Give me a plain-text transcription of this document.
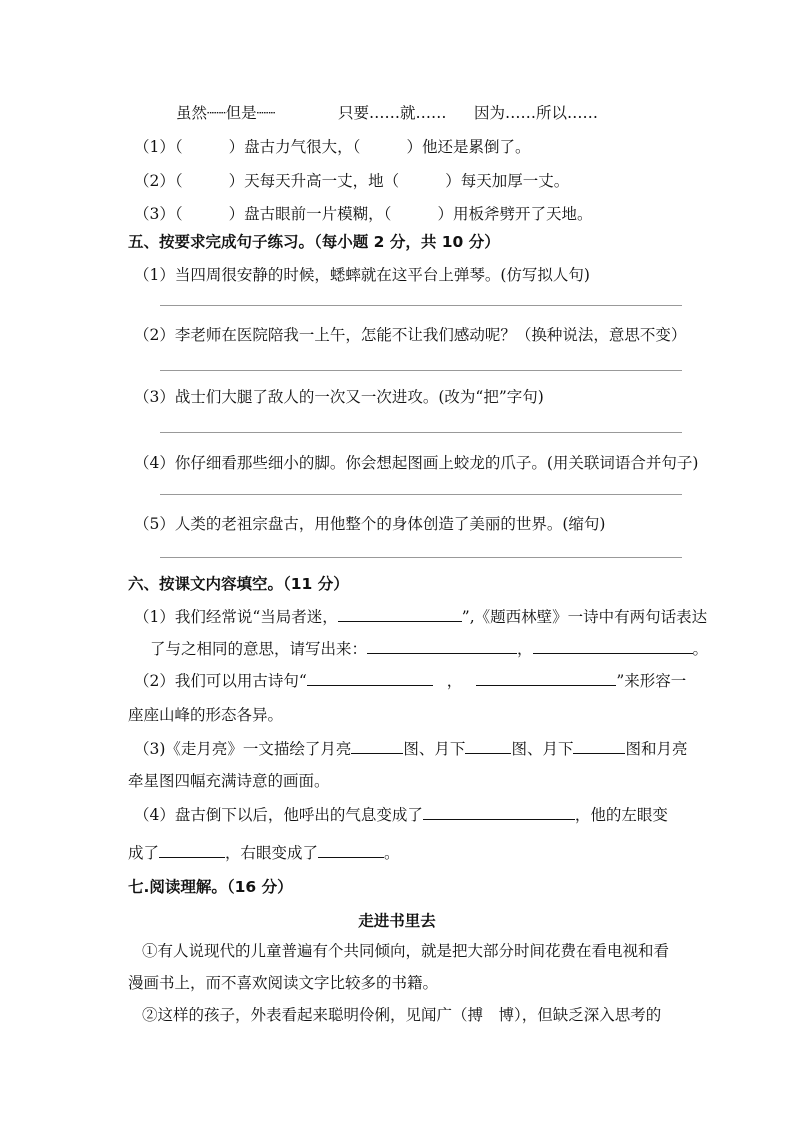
虽然┈┈但是┈┈	只要……就…… 因为……所以……
（1）（	）盘古力气很大，（	）他还是累倒了。
（2）（	）天每天升高一丈，地（	）每天加厚一丈。
（3）（	）盘古眼前一片模糊，（	）用板斧劈开了天地。
五、按要求完成句子练习。（每小题 2 分，共 10 分）
（1）当四周很安静的时候，蟋蟀就在这平台上弹琴。(仿写拟人句)
（2）李老师在医院陪我一上午，怎能不让我们感动呢？（换种说法，意思不变）
（3）战士们大腿了敌人的一次又一次进攻。(改为“把”字句)
（4）你仔细看那些细小的脚。你会想起图画上蛟龙的爪子。(用关联词语合并句子)
（5）人类的老祖宗盘古，用他整个的身体创造了美丽的世界。(缩句)
六、按课文内容填空。（11 分）
（1）我们经常说“当局者迷，	”,《题西林壁》一诗中有两句话表达
了与之相同的意思，请写出来：	，	。
（2）我们可以用古诗句“	，	”来形容一
座座山峰的形态各异。
（3)《走月亮》一文描绘了月亮	图、月下	图、月下	图和月亮
牵星图四幅充满诗意的画面。
（4）盘古倒下以后，他呼出的气息变成了	，他的左眼变
成了	，右眼变成了	。
七.阅读理解。（16 分）
走进书里去
①有人说现代的儿童普遍有个共同倾向，就是把大部分时间花费在看电视和看
漫画书上，而不喜欢阅读文字比较多的书籍。
②这样的孩子，外表看起来聪明伶俐，见闻广（搏　博），但缺乏深入思考的
